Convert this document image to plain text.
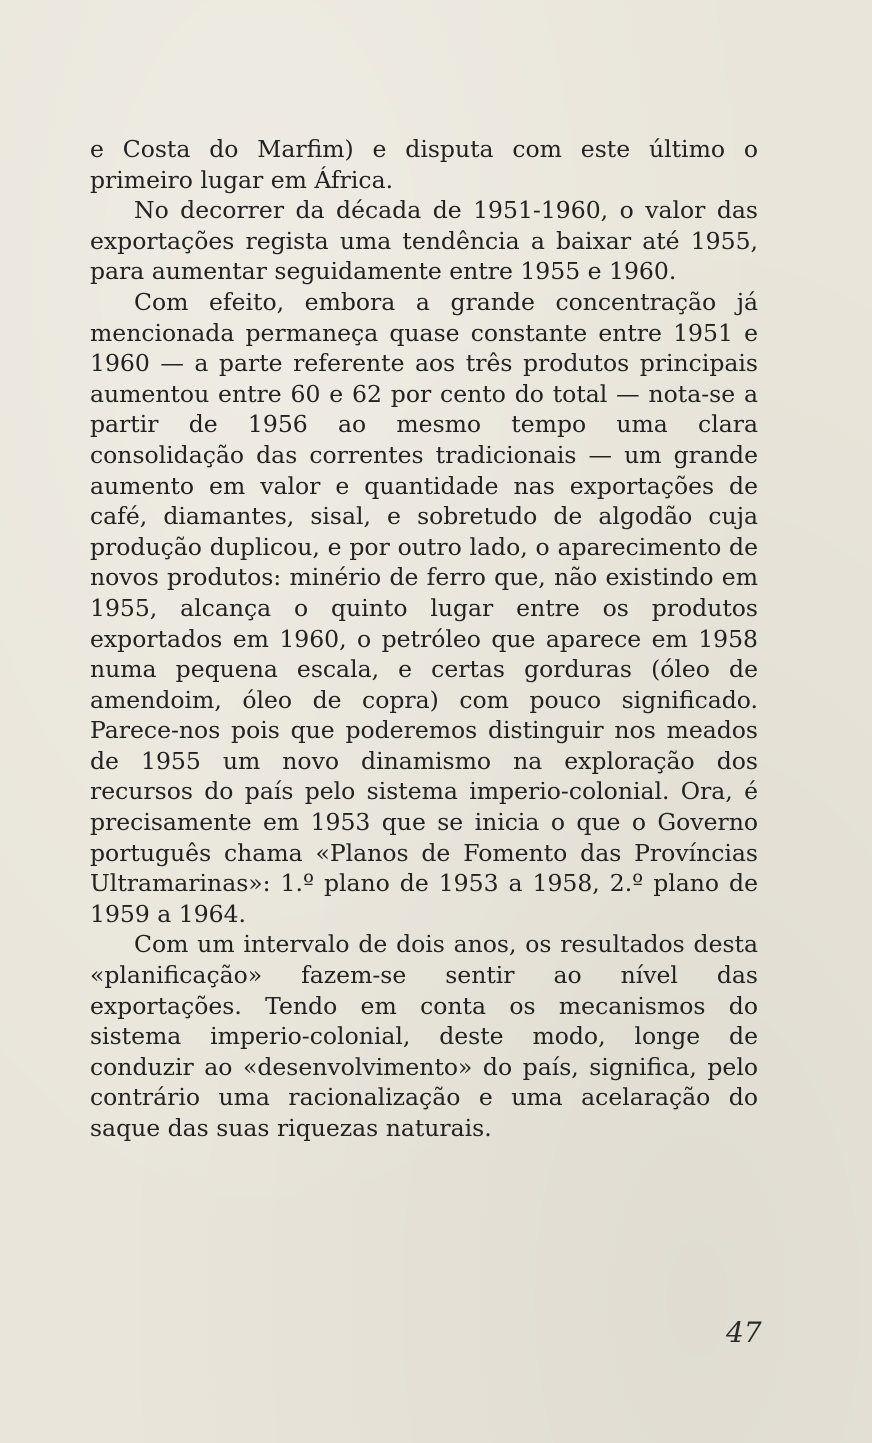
e Costa do Marfim) e disputa com este último o primeiro lugar em África.

No decorrer da década de 1951-1960, o valor das exportações regista uma tendência a baixar até 1955, para aumentar seguidamente entre 1955 e 1960.

Com efeito, embora a grande concentração já mencionada permaneça quase constante entre 1951 e 1960 — a parte referente aos três produtos principais aumentou entre 60 e 62 por cento do total — nota-se a partir de 1956 ao mesmo tempo uma clara consolidação das correntes tradicionais — um grande aumento em valor e quantidade nas exportações de café, diamantes, sisal, e sobretudo de algodão cuja produção duplicou, e por outro lado, o aparecimento de novos produtos: minério de ferro que, não existindo em 1955, alcança o quinto lugar entre os produtos exportados em 1960, o petróleo que aparece em 1958 numa pequena escala, e certas gorduras (óleo de amendoim, óleo de copra) com pouco significado. Parece-nos pois que poderemos distinguir nos meados de 1955 um novo dinamismo na exploração dos recursos do país pelo sistema imperio-colonial. Ora, é precisamente em 1953 que se inicia o que o Governo português chama «Planos de Fomento das Províncias Ultramarinas»: 1.º plano de 1953 a 1958, 2.º plano de 1959 a 1964.

Com um intervalo de dois anos, os resultados desta «planificação» fazem-se sentir ao nível das exportações. Tendo em conta os mecanismos do sistema imperio-colonial, deste modo, longe de conduzir ao «desenvolvimento» do país, significa, pelo contrário uma racionalização e uma acelaração do saque das suas riquezas naturais.

47
